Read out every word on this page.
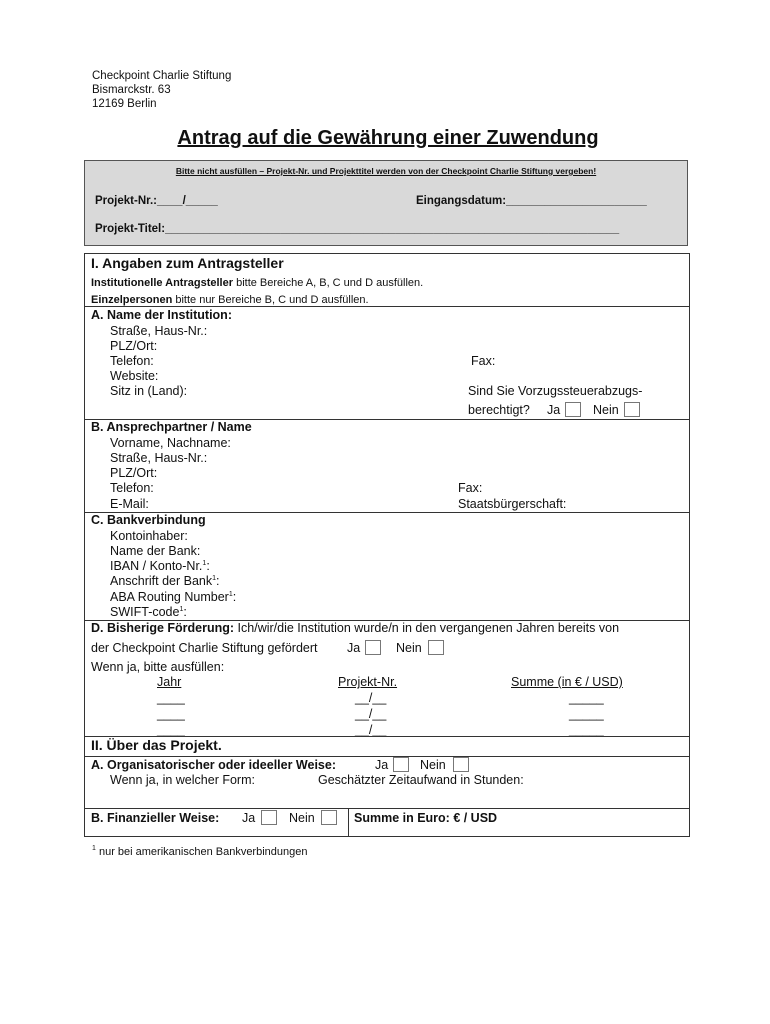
Checkpoint Charlie Stiftung
Bismarckstr. 63
12169 Berlin
Antrag auf die Gewährung einer Zuwendung
Bitte nicht ausfüllen – Projekt-Nr. und Projekttitel werden von der Checkpoint Charlie Stiftung vergeben!
Projekt-Nr.:____/_____	Eingangsdatum:______________________
Projekt-Titel:_______________________________________________________________________
I. Angaben zum Antragsteller
Institutionelle Antragsteller bitte Bereiche A, B, C und D ausfüllen.
Einzelpersonen bitte nur Bereiche B, C und D ausfüllen.
A. Name der Institution:
Straße, Haus-Nr.:
PLZ/Ort:
Telefon:	Fax:
Website:
Sitz in (Land):	Sind Sie Vorzugssteuerabzugs-
berechtigt? Ja	Nein
B. Ansprechpartner / Name
Vorname, Nachname:
Straße, Haus-Nr.:
PLZ/Ort:
Telefon:	Fax:
E-Mail:	Staatsbürgerschaft:
C. Bankverbindung
Kontoinhaber:
Name der Bank:
IBAN / Konto-Nr.$^1$:
Anschrift der Bank$^1$:
ABA Routing Number$^1$:
SWIFT-code$^1$:
D. Bisherige Förderung: Ich/wir/die Institution wurde/n in den vergangenen Jahren bereits von
der Checkpoint Charlie Stiftung gefördert Ja	Nein
Wenn ja, bitte ausfüllen:
Jahr	Projekt-Nr.	Summe (in € / USD)
____	__/__	_____
____	__/__	_____
____	__/__	_____
II. Über das Projekt.
A. Organisatorischer oder ideeller Weise:	Ja	Nein
Wenn ja, in welcher Form:	Geschätzter Zeitaufwand in Stunden:
B. Finanzieller Weise: Ja	Nein	Summe in Euro: € / USD
$^1$ nur bei amerikanischen Bankverbindungen
